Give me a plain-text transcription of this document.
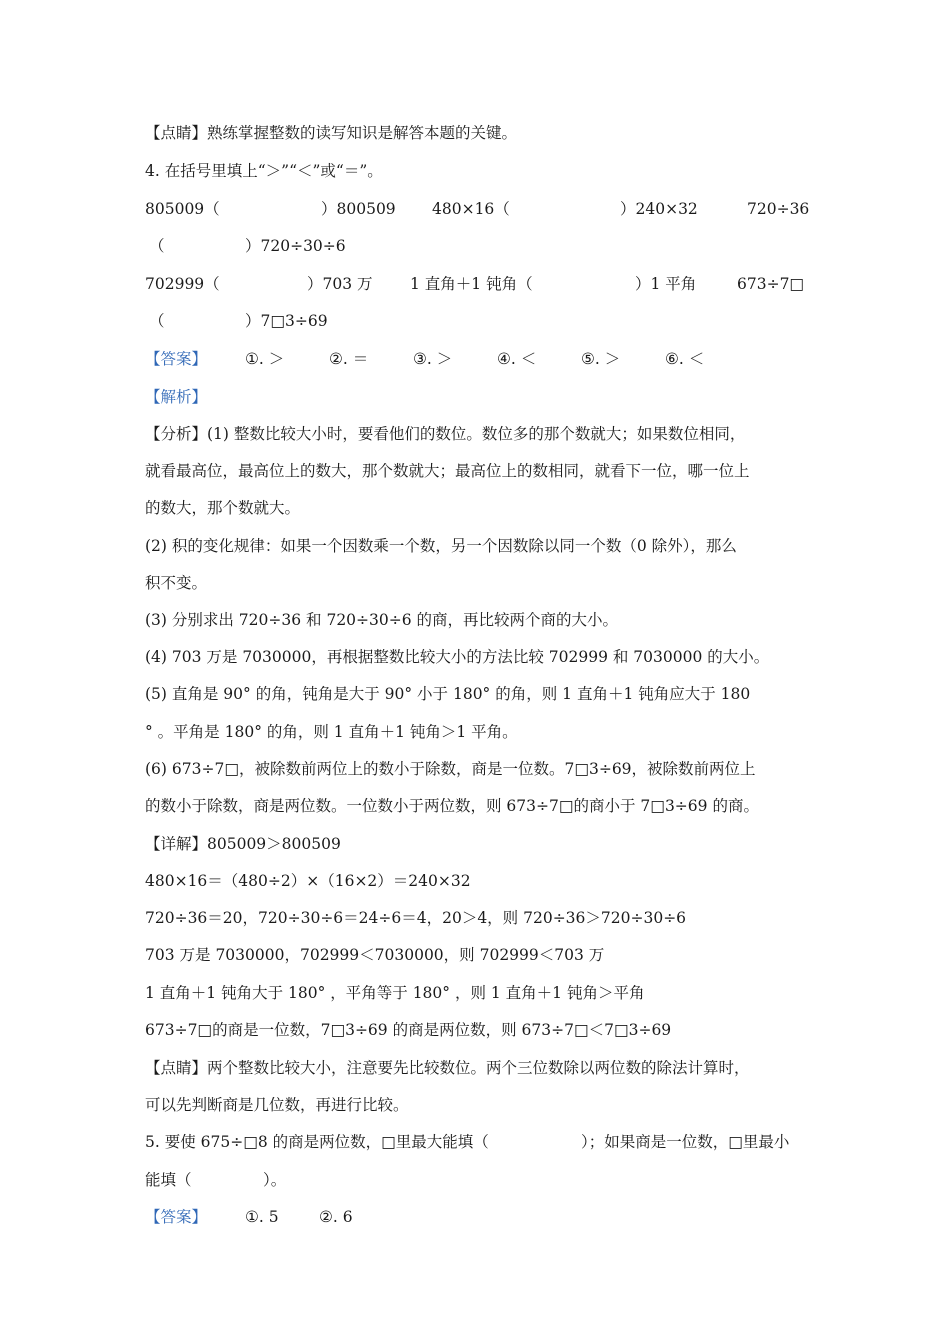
【点睛】熟练掌握整数的读写知识是解答本题的关键。
4. 在括号里填上“＞”“＜”或“＝”。
805009（	）800509 480×16（	）240×32	720÷36
（	）720÷30÷6
702999（	）703 万 1 直角＋1 钝角（	）1 平角	673÷7□
（	）7□3÷69
【答案】 ①. ＞	②. ＝	③. ＞	④. ＜	⑤. ＞	⑥. ＜
【解析】
【分析】(1) 整数比较大小时，要看他们的数位。数位多的那个数就大；如果数位相同，
就看最高位，最高位上的数大，那个数就大；最高位上的数相同，就看下一位，哪一位上
的数大，那个数就大。
(2) 积的变化规律：如果一个因数乘一个数，另一个因数除以同一个数（0 除外），那么
积不变。
(3) 分别求出 720÷36 和 720÷30÷6 的商，再比较两个商的大小。
(4) 703 万是 7030000，再根据整数比较大小的方法比较 702999 和 7030000 的大小。
(5) 直角是 90° 的角，钝角是大于 90° 小于 180° 的角，则 1 直角＋1 钝角应大于 180
° 。平角是 180° 的角，则 1 直角＋1 钝角＞1 平角。
(6) 673÷7□，被除数前两位上的数小于除数，商是一位数。7□3÷69，被除数前两位上
的数小于除数，商是两位数。一位数小于两位数，则 673÷7□的商小于 7□3÷69 的商。
【详解】805009＞800509
480×16＝（480÷2）×（16×2）＝240×32
720÷36＝20，720÷30÷6＝24÷6＝4，20＞4，则 720÷36＞720÷30÷6
703 万是 7030000，702999＜7030000，则 702999＜703 万
1 直角＋1 钝角大于 180° ，平角等于 180° ，则 1 直角＋1 钝角＞平角
673÷7□的商是一位数，7□3÷69 的商是两位数，则 673÷7□＜7□3÷69
【点睛】两个整数比较大小，注意要先比较数位。两个三位数除以两位数的除法计算时，
可以先判断商是几位数，再进行比较。
5. 要使 675÷□8 的商是两位数，□里最大能填（	）；如果商是一位数，□里最小
能填（	）。
【答案】 ①. 5	②. 6
